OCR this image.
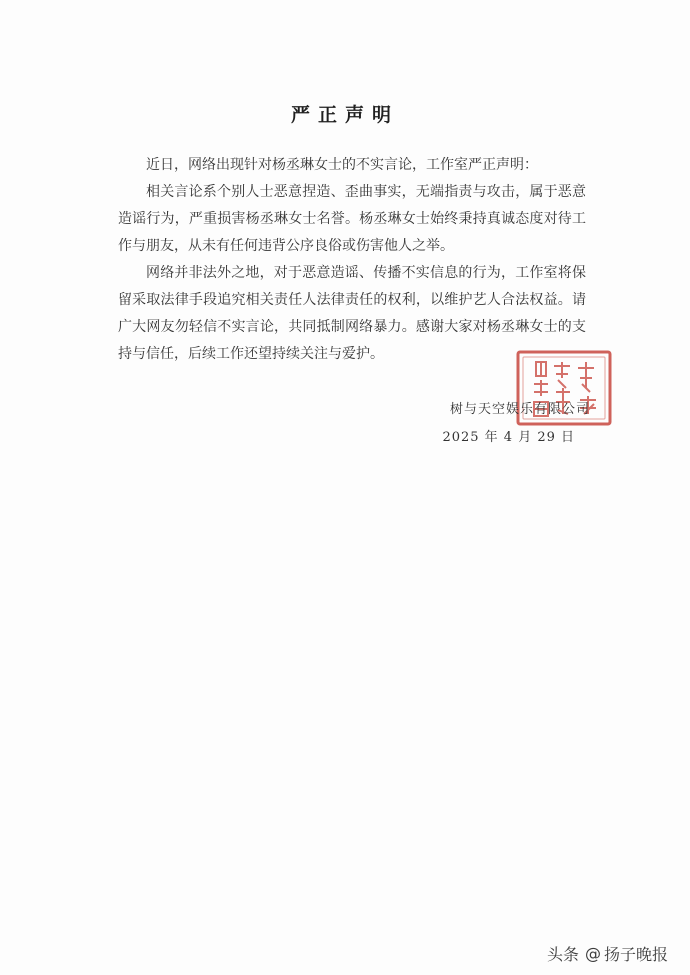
严正声明

近日，网络出现针对杨丞琳女士的不实言论，工作室严正声明：

相关言论系个别人士恶意捏造、歪曲事实，无端指责与攻击，属于恶意造谣行为，严重损害杨丞琳女士名誉。杨丞琳女士始终秉持真诚态度对待工作与朋友，从未有任何违背公序良俗或伤害他人之举。

网络并非法外之地，对于恶意造谣、传播不实信息的行为，工作室将保留采取法律手段追究相关责任人法律责任的权利，以维护艺人合法权益。请广大网友勿轻信不实言论，共同抵制网络暴力。感谢大家对杨丞琳女士的支持与信任，后续工作还望持续关注与爱护。

树与天空娱乐有限公司
2025 年 4 月 29 日
头条 @ 扬子晚报
